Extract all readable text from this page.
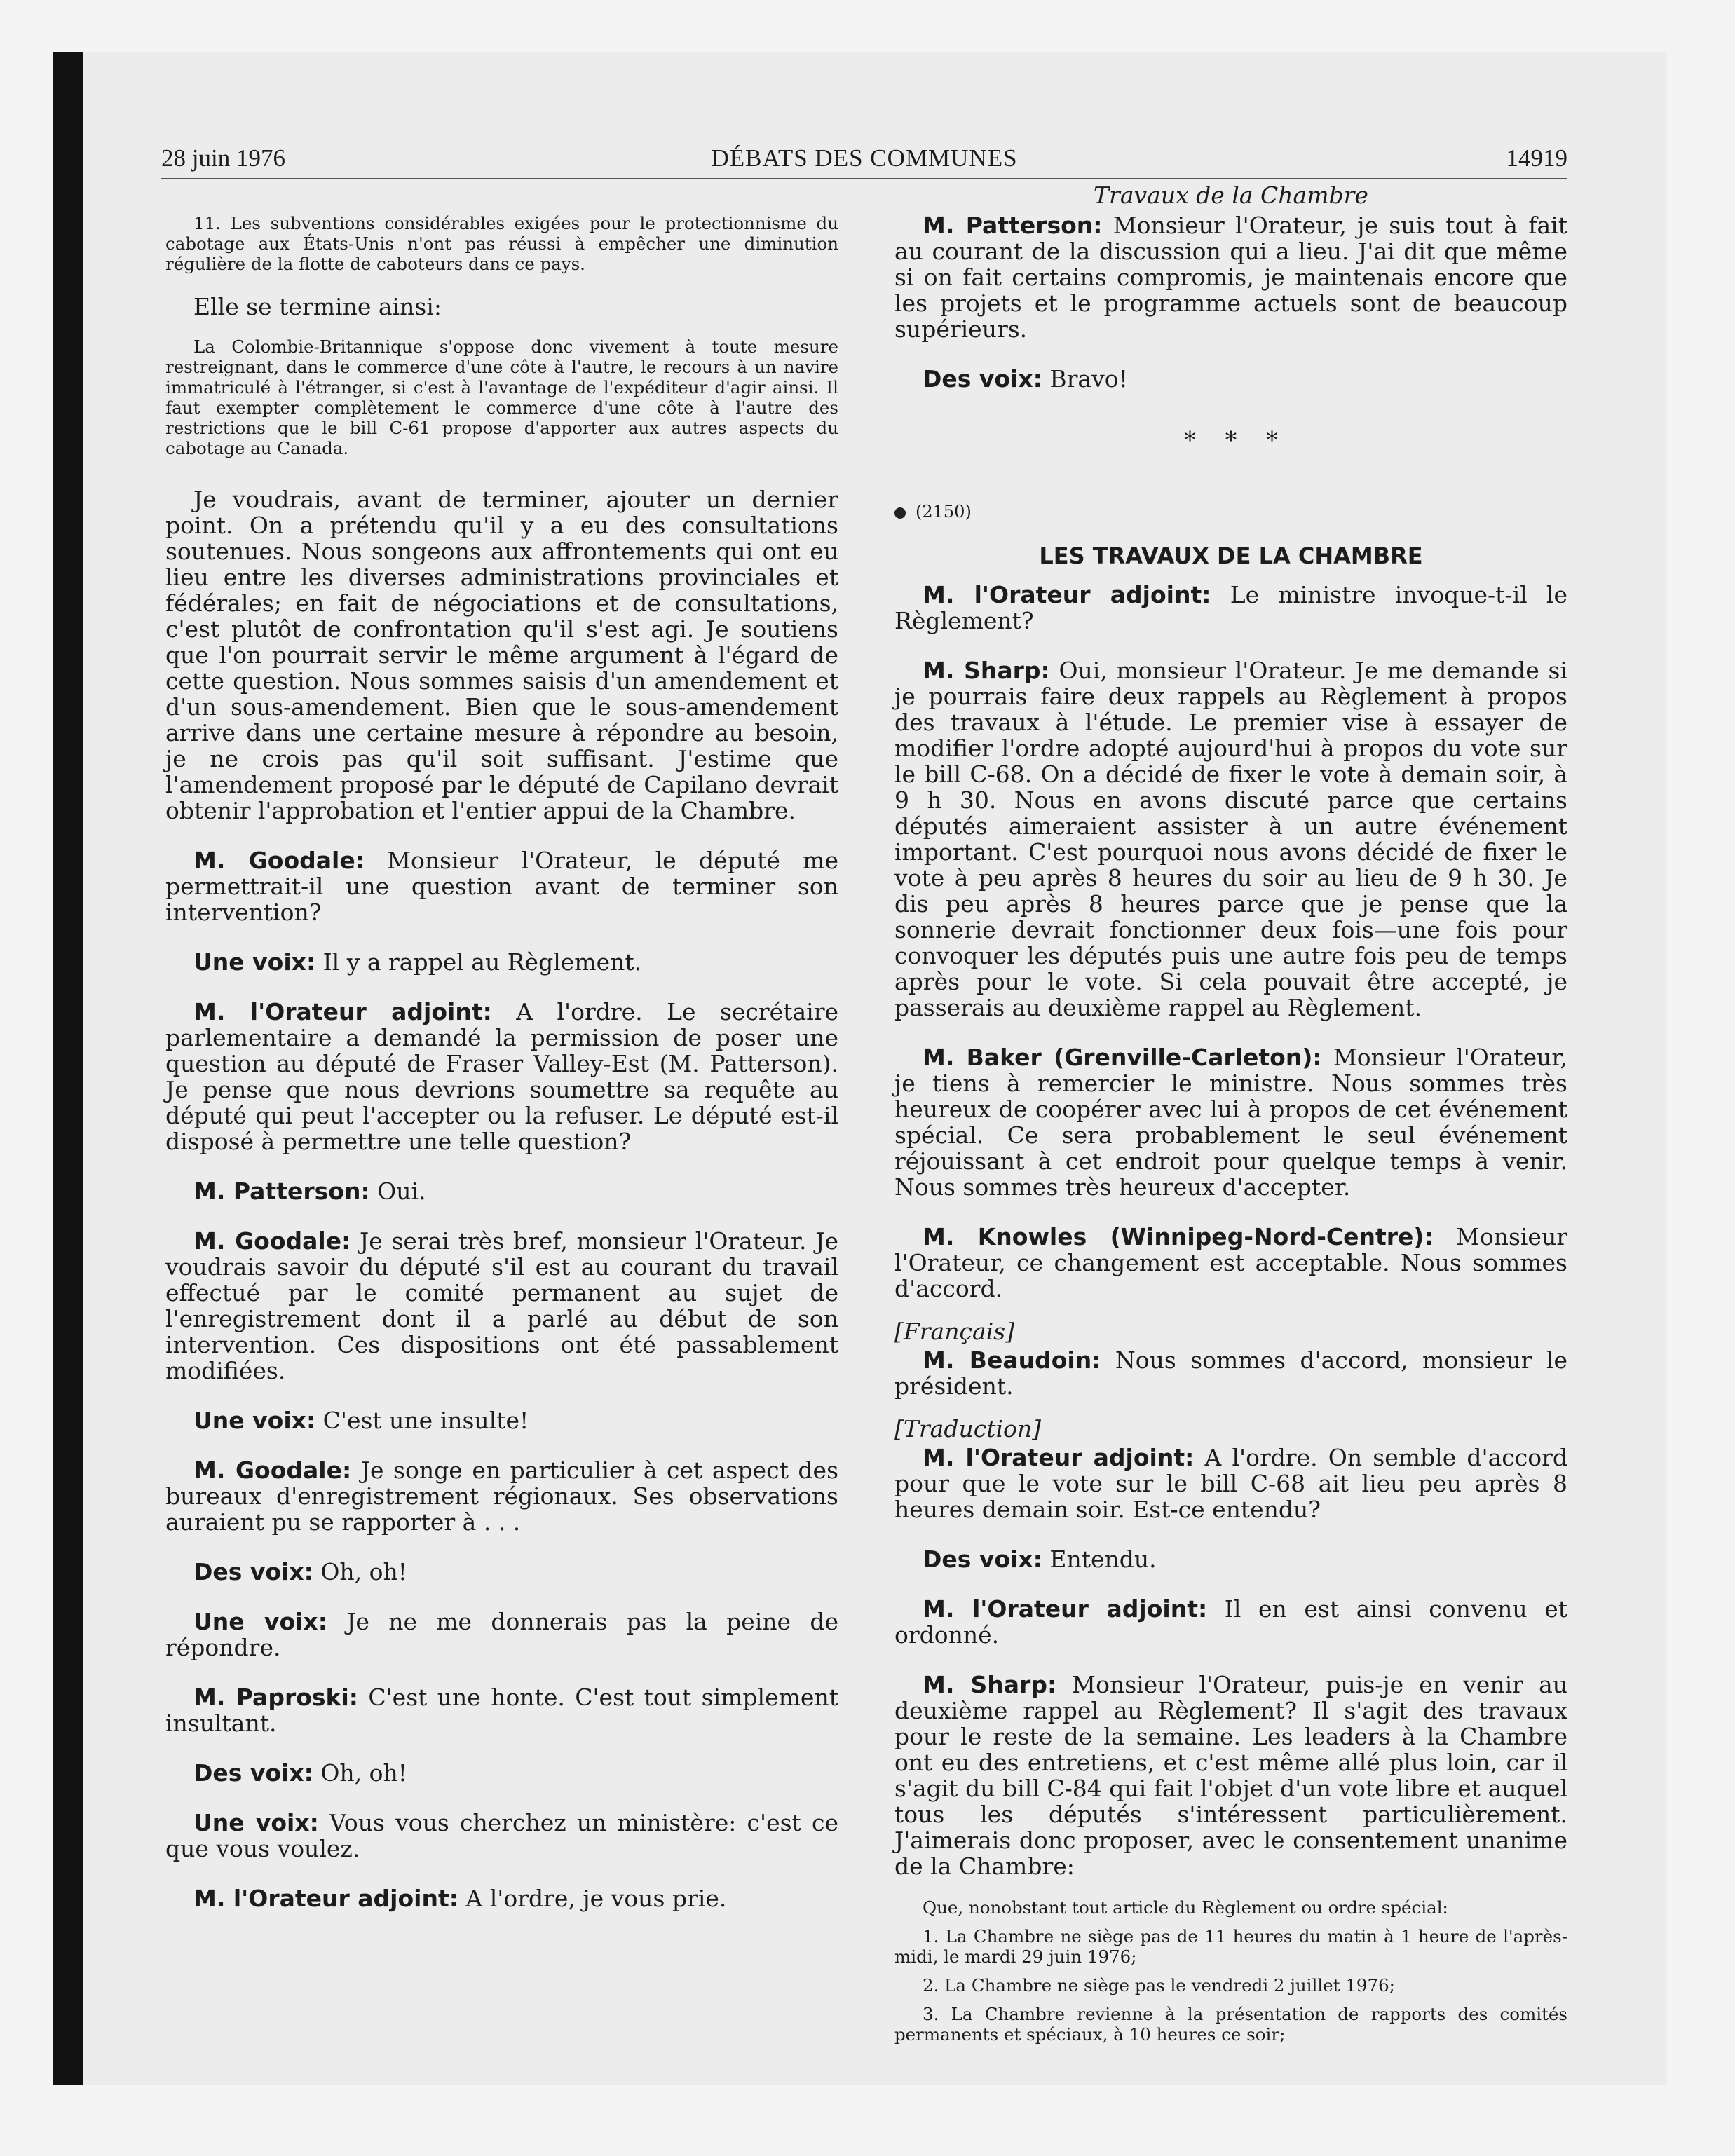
28 juin 1976	DÉBATS DES COMMUNES	14919

11. Les subventions considérables exigées pour le protectionnisme du cabotage aux États-Unis n'ont pas réussi à empêcher une diminution régulière de la flotte de caboteurs dans ce pays.

Elle se termine ainsi:

La Colombie-Britannique s'oppose donc vivement à toute mesure restreignant, dans le commerce d'une côte à l'autre, le recours à un navire immatriculé à l'étranger, si c'est à l'avantage de l'expéditeur d'agir ainsi. Il faut exempter complètement le commerce d'une côte à l'autre des restrictions que le bill C-61 propose d'apporter aux autres aspects du cabotage au Canada.

Je voudrais, avant de terminer, ajouter un dernier point. On a prétendu qu'il y a eu des consultations soutenues. Nous songeons aux affrontements qui ont eu lieu entre les diverses administrations provinciales et fédérales; en fait de négociations et de consultations, c'est plutôt de confrontation qu'il s'est agi. Je soutiens que l'on pourrait servir le même argument à l'égard de cette question. Nous sommes saisis d'un amendement et d'un sous-amendement. Bien que le sous-amendement arrive dans une certaine mesure à répondre au besoin, je ne crois pas qu'il soit suffisant. J'estime que l'amendement proposé par le député de Capilano devrait obtenir l'approbation et l'entier appui de la Chambre.

M. Goodale: Monsieur l'Orateur, le député me permettrait-il une question avant de terminer son intervention?

Une voix: Il y a rappel au Règlement.

M. l'Orateur adjoint: A l'ordre. Le secrétaire parlementaire a demandé la permission de poser une question au député de Fraser Valley-Est (M. Patterson). Je pense que nous devrions soumettre sa requête au député qui peut l'accepter ou la refuser. Le député est-il disposé à permettre une telle question?

M. Patterson: Oui.

M. Goodale: Je serai très bref, monsieur l'Orateur. Je voudrais savoir du député s'il est au courant du travail effectué par le comité permanent au sujet de l'enregistrement dont il a parlé au début de son intervention. Ces dispositions ont été passablement modifiées.

Une voix: C'est une insulte!

M. Goodale: Je songe en particulier à cet aspect des bureaux d'enregistrement régionaux. Ses observations auraient pu se rapporter à . . .

Des voix: Oh, oh!

Une voix: Je ne me donnerais pas la peine de répondre.

M. Paproski: C'est une honte. C'est tout simplement insultant.

Des voix: Oh, oh!

Une voix: Vous vous cherchez un ministère: c'est ce que vous voulez.

M. l'Orateur adjoint: A l'ordre, je vous prie.

Travaux de la Chambre

M. Patterson: Monsieur l'Orateur, je suis tout à fait au courant de la discussion qui a lieu. J'ai dit que même si on fait certains compromis, je maintenais encore que les projets et le programme actuels sont de beaucoup supérieurs.

Des voix: Bravo!

*    *    *

(2150)

LES TRAVAUX DE LA CHAMBRE

M. l'Orateur adjoint: Le ministre invoque-t-il le Règlement?

M. Sharp: Oui, monsieur l'Orateur. Je me demande si je pourrais faire deux rappels au Règlement à propos des travaux à l'étude. Le premier vise à essayer de modifier l'ordre adopté aujourd'hui à propos du vote sur le bill C-68. On a décidé de fixer le vote à demain soir, à 9 h 30. Nous en avons discuté parce que certains députés aimeraient assister à un autre événement important. C'est pourquoi nous avons décidé de fixer le vote à peu après 8 heures du soir au lieu de 9 h 30. Je dis peu après 8 heures parce que je pense que la sonnerie devrait fonctionner deux fois—une fois pour convoquer les députés puis une autre fois peu de temps après pour le vote. Si cela pouvait être accepté, je passerais au deuxième rappel au Règlement.

M. Baker (Grenville-Carleton): Monsieur l'Orateur, je tiens à remercier le ministre. Nous sommes très heureux de coopérer avec lui à propos de cet événement spécial. Ce sera probablement le seul événement réjouissant à cet endroit pour quelque temps à venir. Nous sommes très heureux d'accepter.

M. Knowles (Winnipeg-Nord-Centre): Monsieur l'Orateur, ce changement est acceptable. Nous sommes d'accord.

[Français]

M. Beaudoin: Nous sommes d'accord, monsieur le président.

[Traduction]

M. l'Orateur adjoint: A l'ordre. On semble d'accord pour que le vote sur le bill C-68 ait lieu peu après 8 heures demain soir. Est-ce entendu?

Des voix: Entendu.

M. l'Orateur adjoint: Il en est ainsi convenu et ordonné.

M. Sharp: Monsieur l'Orateur, puis-je en venir au deuxième rappel au Règlement? Il s'agit des travaux pour le reste de la semaine. Les leaders à la Chambre ont eu des entretiens, et c'est même allé plus loin, car il s'agit du bill C-84 qui fait l'objet d'un vote libre et auquel tous les députés s'intéressent particulièrement. J'aimerais donc proposer, avec le consentement unanime de la Chambre:

Que, nonobstant tout article du Règlement ou ordre spécial:

1. La Chambre ne siège pas de 11 heures du matin à 1 heure de l'après-midi, le mardi 29 juin 1976;

2. La Chambre ne siège pas le vendredi 2 juillet 1976;

3. La Chambre revienne à la présentation de rapports des comités permanents et spéciaux, à 10 heures ce soir;
